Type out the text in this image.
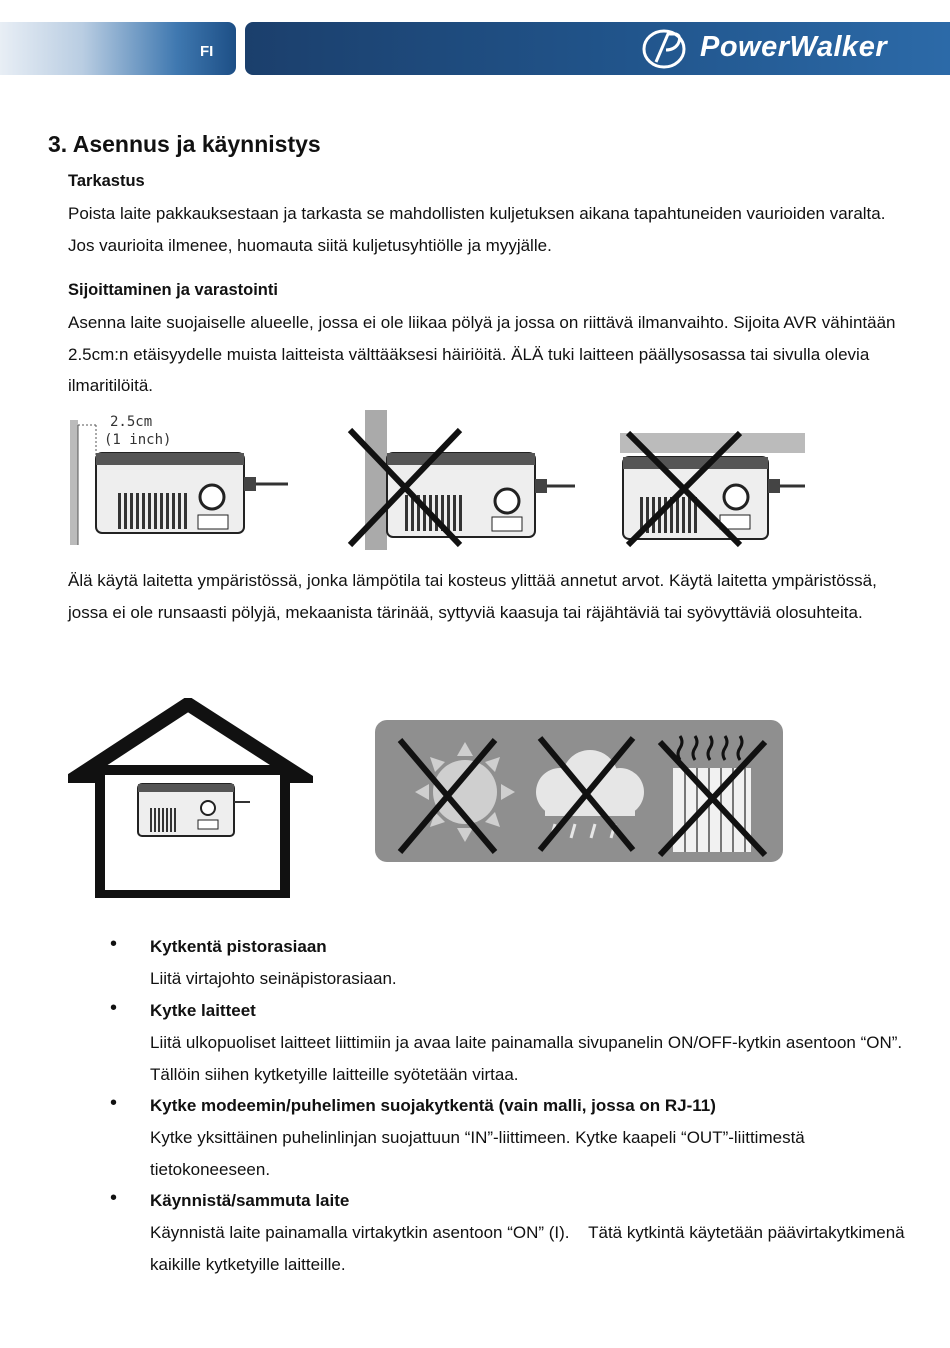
FI	PowerWalker
3. Asennus ja käynnistys
Tarkastus
Poista laite pakkauksestaan ja tarkasta se mahdollisten kuljetuksen aikana tapahtuneiden vaurioiden varalta. Jos vaurioita ilmenee, huomauta siitä kuljetusyhtiölle ja myyjälle.
Sijoittaminen ja varastointi
Asenna laite suojaiselle alueelle, jossa ei ole liikaa pölyä ja jossa on riittävä ilmanvaihto. Sijoita AVR vähintään 2.5cm:n etäisyydelle muista laitteista välttääksesi häiriöitä. ÄLÄ tuki laitteen päällysosassa tai sivulla olevia ilmaritilöitä.
2.5cm
(1 inch)
Älä käytä laitetta ympäristössä, jonka lämpötila tai kosteus ylittää annetut arvot. Käytä laitetta ympäristössä, jossa ei ole runsaasti pölyjä, mekaanista tärinää, syttyviä kaasuja tai räjähtäviä tai syövyttäviä olosuhteita.
• Kytkentä pistorasiaan
Liitä virtajohto seinäpistorasiaan.
• Kytke laitteet
Liitä ulkopuoliset laitteet liittimiin ja avaa laite painamalla sivupanelin ON/OFF-kytkin asentoon “ON”. Tällöin siihen kytketyille laitteille syötetään virtaa.
• Kytke modeemin/puhelimen suojakytkentä (vain malli, jossa on RJ-11)
Kytke yksittäinen puhelinlinjan suojattuun “IN”-liittimeen. Kytke kaapeli “OUT”-liittimestä tietokoneeseen.
• Käynnistä/sammuta laite
Käynnistä laite painamalla virtakytkin asentoon “ON” (I).    Tätä kytkintä käytetään päävirtakytkimenä kaikille kytketyille laitteille.
